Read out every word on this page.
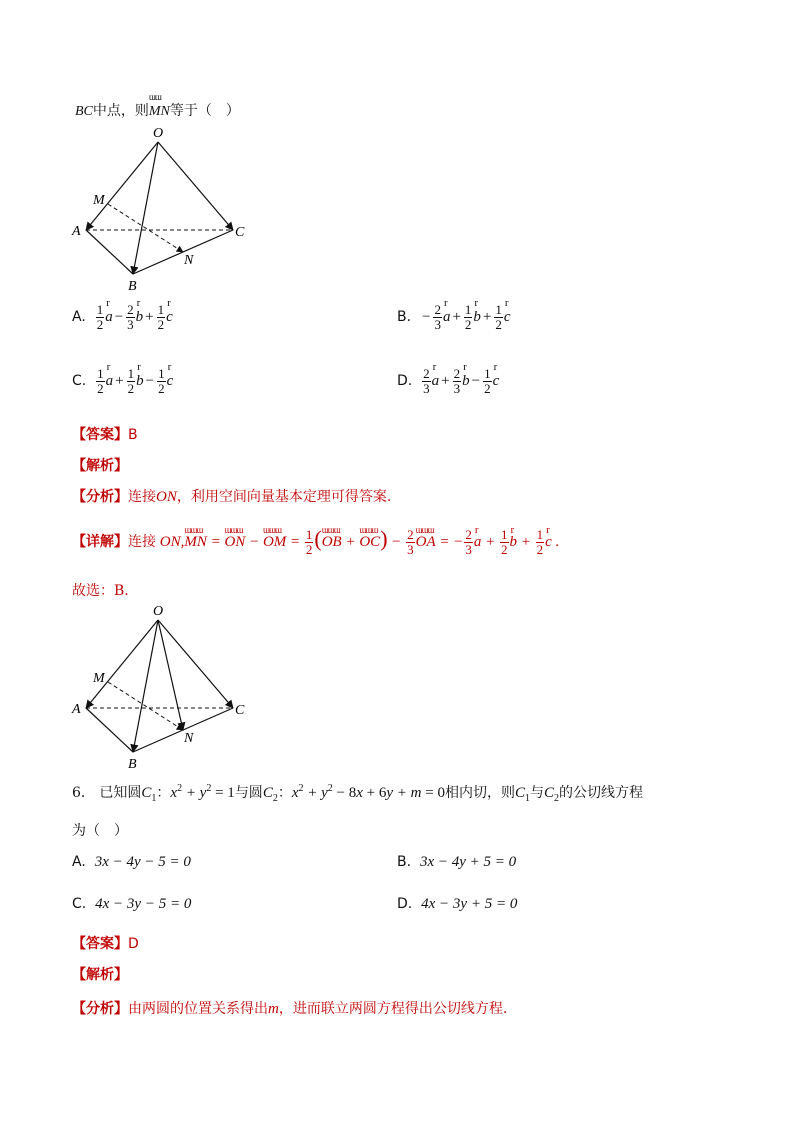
BC中点，则
ɯɯ
MN等于（　）
O
A
B
C
M
N
A. $\frac{1}{2}$ a
r
− $\frac{2}{3}$ b
r
+ $\frac{1}{2}$ c
r
B. − $\frac{2}{3}$ a
r
+ $\frac{1}{2}$ b
r
+ $\frac{1}{2}$ c
r
C. $\frac{1}{2}$ a
r
+ $\frac{1}{2}$ b
r
− $\frac{1}{2}$ c
r
D. $\frac{2}{3}$ a
r
+ $\frac{2}{3}$ b
r
− $\frac{1}{2}$ c
r
【答案】B
【解析】
【分析】连接ON，利用空间向量基本定理可得答案.
【详解】连接 ON,MN
ɯɯɯ
= ON
ɯɯɯ
− OM
ɯɯɯ
= $\frac{1}{2} (OB$
ɯɯɯ
+ OC
ɯɯɯ ) − $\frac{2}{3}$ OA
ɯɯɯ
= − $\frac{2}{3}$ a
r
+ $\frac{1}{2}$ b
r
+ $\frac{1}{2}$ c
r
.
故选：B.
O
A
B
C
M
N
6． 已知圆$C_1$：$x^2 + y^2 = 1$与圆$C_2$：$x^2 + y^2 - 8x + 6y + m = 0$相内切，则$C_1$与$C_2$的公切线方程
为（　）
A. 3x − 4y − 5 = 0	B. 3x − 4y + 5 = 0
C. 4x − 3y − 5 = 0	D. 4x − 3y + 5 = 0
【答案】D
【解析】
【分析】由两圆的位置关系得出m，进而联立两圆方程得出公切线方程.
